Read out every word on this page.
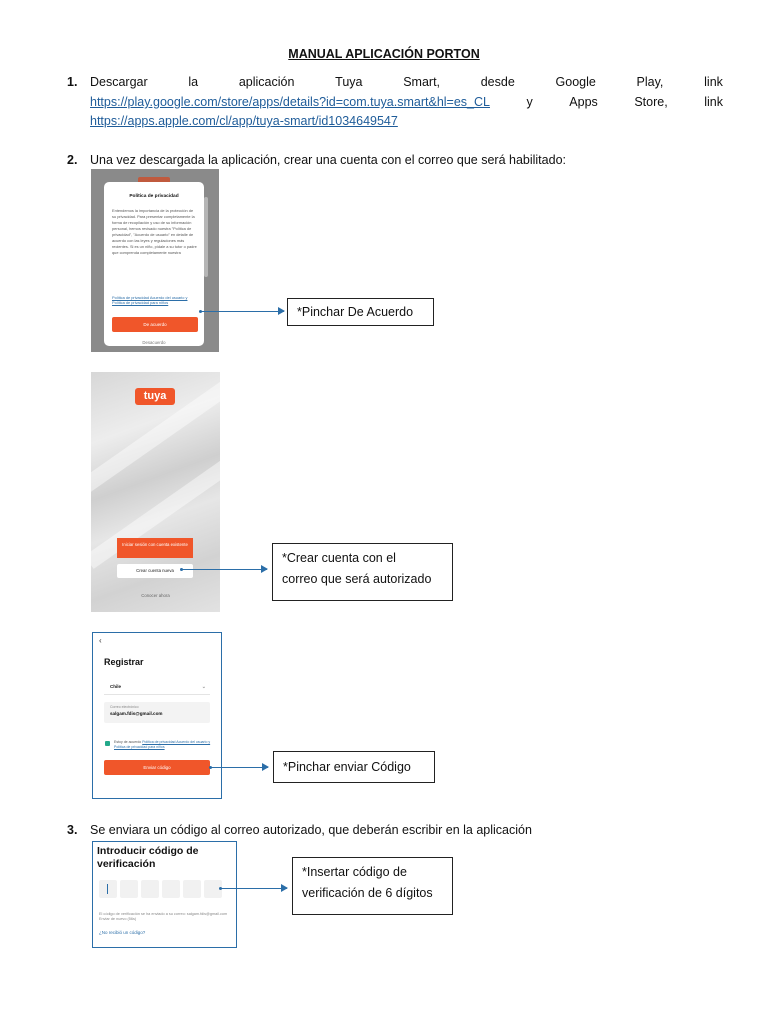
MANUAL APLICACIÓN PORTON
1. Descargar	la	aplicación	Tuya	Smart,	desde	Google	Play,	link
https://play.google.com/store/apps/details?id=com.tuya.smart&hl=es_CL	y	Apps	Store,	link
https://apps.apple.com/cl/app/tuya-smart/id1034649547
2. Una vez descargada la aplicación, crear una cuenta con el correo que será habilitado:
Política de privacidad
Entendemos la importancia de la protección de su privacidad. Para presentar completamente la forma de recopilación y uso de su información personal, hemos revisado nuestra "Política de privacidad", "Acuerdo de usuario" en detalle de acuerdo con las leyes y regulaciones más recientes. Si es un niño, pídale a su tutor o padre que comprenda completamente nuestra
Política de privacidad Acuerdo del usuario y Política de privacidad para niños
De acuerdo
Desacuerdo
*Pinchar De Acuerdo
tuya
Iniciar sesión con cuenta existente
Crear cuenta nueva
Conocer ahora
*Crear cuenta con el
correo que será autorizado
‹
Registrar
Chile	⌄
Correo electrónico
salgam.fdis@gmail.com
Estoy de acuerdo Política de privacidad Acuerdo del usuario y Política de privacidad para niños
Enviar código	*Pinchar enviar Código
3. Se enviara un código al correo autorizado, que deberán escribir en la aplicación
Introducir código de verificación
El código de verificación se ha enviado a su correo: salgam.fdis@gmail.com Enviar de nuevo (56s)
¿No recibió un código?
*Insertar código de
verificación de 6 dígitos
